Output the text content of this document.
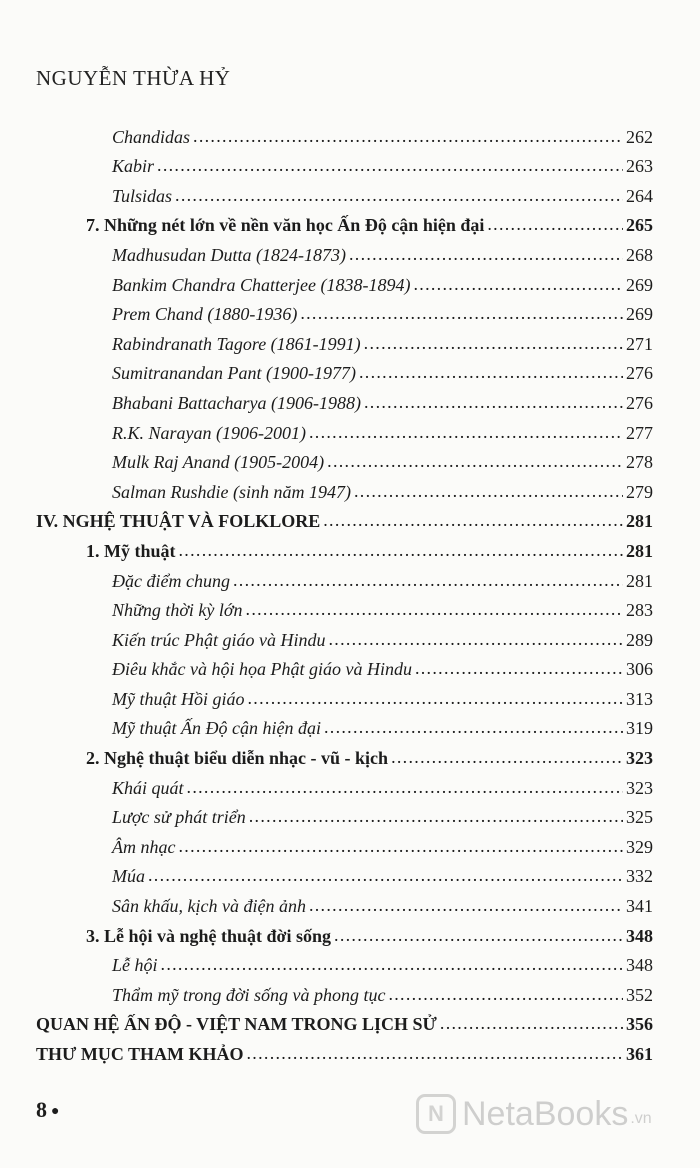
NGUYỄN THỪA HỶ
Chandidas . . .	262
Kabir . . .	263
Tulsidas . . .	264
7. Những nét lớn về nền văn học Ấn Độ cận hiện đại . . .	265
Madhusudan Dutta (1824-1873) . . .	268
Bankim Chandra Chatterjee (1838-1894) . . .	269
Prem Chand (1880-1936) . . .	269
Rabindranath Tagore (1861-1991) . . .	271
Sumitranandan Pant (1900-1977) . . .	276
Bhabani Battacharya (1906-1988) . . .	276
R.K. Narayan (1906-2001) . . .	277
Mulk Raj Anand (1905-2004) . . .	278
Salman Rushdie (sinh năm 1947) . . .	279
IV. NGHỆ THUẬT VÀ FOLKLORE . . .	281
1. Mỹ thuật . . .	281
Đặc điểm chung . . .	281
Những thời kỳ lớn . . .	283
Kiến trúc Phật giáo và Hindu . . .	289
Điêu khắc và hội họa Phật giáo và Hindu . . .	306
Mỹ thuật Hồi giáo . . .	313
Mỹ thuật Ấn Độ cận hiện đại . . .	319
2. Nghệ thuật biểu diễn nhạc - vũ - kịch . . .	323
Khái quát . . .	323
Lược sử phát triển . . .	325
Âm nhạc . . .	329
Múa . . .	332
Sân khấu, kịch và điện ảnh . . .	341
3. Lễ hội và nghệ thuật đời sống . . .	348
Lễ hội . . .	348
Thẩm mỹ trong đời sống và phong tục . . .	352
QUAN HỆ ẤN ĐỘ - VIỆT NAM TRONG LỊCH SỬ . . .	356
THƯ MỤC THAM KHẢO . . .	361
8 ●	N NetaBooks .vn
